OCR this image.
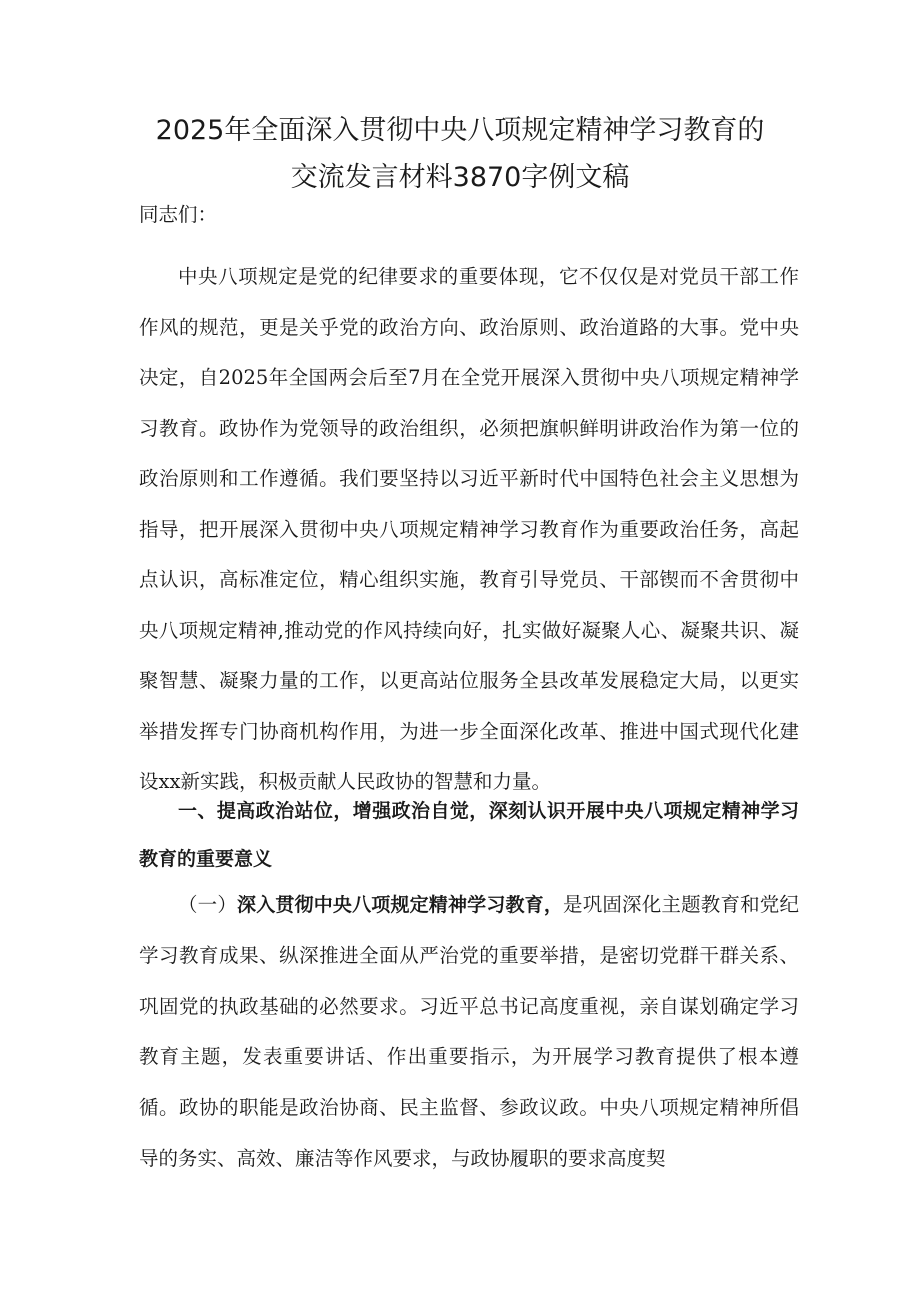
2025年全面深入贯彻中央八项规定精神学习教育的
交流发言材料3870字例文稿
同志们：
中央八项规定是党的纪律要求的重要体现，它不仅仅是对党员干部工作作风的规范，更是关乎党的政治方向、政治原则、政治道路的大事。党中央决定，自2025年全国两会后至7月在全党开展深入贯彻中央八项规定精神学习教育。政协作为党领导的政治组织，必须把旗帜鲜明讲政治作为第一位的政治原则和工作遵循。我们要坚持以习近平新时代中国特色社会主义思想为指导，把开展深入贯彻中央八项规定精神学习教育作为重要政治任务，高起点认识，高标准定位，精心组织实施，教育引导党员、干部锲而不舍贯彻中央八项规定精神,推动党的作风持续向好，扎实做好凝聚人心、凝聚共识、凝聚智慧、凝聚力量的工作，以更高站位服务全县改革发展稳定大局，以更实举措发挥专门协商机构作用，为进一步全面深化改革、推进中国式现代化建设xx新实践，积极贡献人民政协的智慧和力量。
一、提高政治站位，增强政治自觉，深刻认识开展中央八项规定精神学习教育的重要意义
（一）深入贯彻中央八项规定精神学习教育，是巩固深化主题教育和党纪学习教育成果、纵深推进全面从严治党的重要举措，是密切党群干群关系、巩固党的执政基础的必然要求。习近平总书记高度重视，亲自谋划确定学习教育主题，发表重要讲话、作出重要指示，为开展学习教育提供了根本遵循。政协的职能是政治协商、民主监督、参政议政。中央八项规定精神所倡导的务实、高效、廉洁等作风要求，与政协履职的要求高度契
